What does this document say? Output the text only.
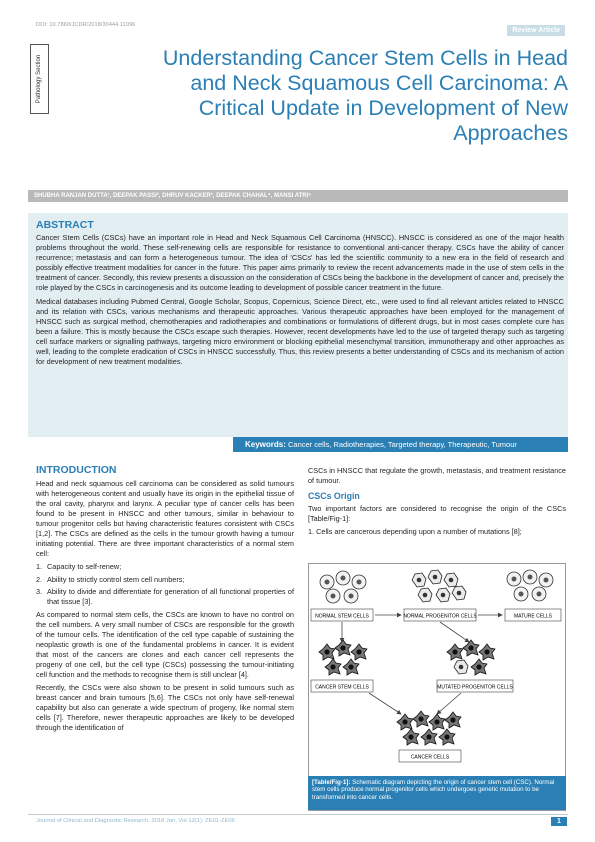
DOI: 10.7860/JCDR/2018/30444.11096
Review Article
Pathology Section	Understanding Cancer Stem Cells in Head
and Neck Squamous Cell Carcinoma: A
Critical Update in Development of New
Approaches
SHUBHA RANJAN DUTTA¹, DEEPAK PASSI², DHRUV KACKER³, DEEPAK CHAHAL⁴, MANSI ATRI⁵
ABSTRACT

Cancer Stem Cells (CSCs) have an important role in Head and Neck Squamous Cell Carcinoma (HNSCC). HNSCC is considered as one of the major health problems throughout the world. These self-renewing cells are responsible for resistance to conventional anti-cancer therapy. CSCs have the ability of cancer recurrence; metastasis and can form a heterogeneous tumour. The idea of 'CSCs' has led the scientific community to a new era in the field of research and possibly effective treatment modalities for cancer in the future. This paper aims primarily to review the recent advancements made in the use of stem cells in the treatment of cancer. Secondly, this review presents a discussion on the consideration of CSCs being the backbone in the development of cancer and, precisely the role played by the CSCs in carcinogenesis and its outcome leading to development of possible cancer treatment in the future.

Medical databases including Pubmed Central, Google Scholar, Scopus, Copernicus, Science Direct, etc., were used to find all relevant articles related to HNSCC and its relation with CSCs, various mechanisms and therapeutic approaches. Various therapeutic approaches have been employed for the management of HNSCC such as surgical method, chemotherapies and radiotherapies and combinations or formulations of different drugs, but in most cases complete cure has been a failure. This is mostly because the CSCs escape such therapies. However, recent developments have led to the use of targeted therapy such as targeting cell surface markers or signalling pathways, targeting micro environment or blocking epithelial mesenchymal transition, immunotherapy and other approaches as well, leading to the complete eradication of CSCs in HNSCC successfully. Thus, this review presents a better understanding of CSCs and its mechanism of action for development of new treatment modalities.

Keywords: Cancer cells, Radiotherapies, Targeted therapy, Therapeutic, Tumour
INTRODUCTION

Head and neck squamous cell carcinoma can be considered as solid tumours with heterogeneous content and usually have its origin in the epithelial tissue of the oral cavity, pharynx and larynx. A peculiar type of cancer cells has been found to be present in HNSCC and other tumours, similar in behaviour to tumour progenitor cells but having characteristic features consistent with CSCs [1,2]. The CSCs are defined as the cells in the tumour growth having a tumour initiating potential. There are three important characteristics of a normal stem cell:

1. Capacity to self-renew;
2. Ability to strictly control stem cell numbers;
3. Ability to divide and differentiate for generation of all functional properties of that tissue [3].

As compared to normal stem cells, the CSCs are known to have no control on the cell numbers. A very small number of CSCs are responsible for the growth of the tumour cells. The identification of the cell type capable of sustaining the neoplastic growth is one of the fundamental problems in cancer. It is evident that most of the cancers are clones and each cancer cell represents the progeny of one cell, but the cell type (CSCs) possessing the tumour-initiating cell function and the methods to recognise them is still unclear [4].

Recently, the CSCs were also shown to be present in solid tumours such as breast cancer and brain tumours [5,6]. The CSCs not only have self-renewal capability but also can generate a wide spectrum of progeny, like normal stem cells [7]. Therefore, newer therapeutic approaches are likely to be developed through the identification of

CSCs in HNSCC that regulate the growth, metastasis, and treatment resistance of tumour.

CSCs Origin

Two important factors are considered to recognise the origin of the CSCs [Table/Fig-1]:

1. Cells are cancerous depending upon a number of mutations [8];

NORMAL STEM CELLS	NORMAL PROGENITOR CELLS	MATURE CELLS
CANCER STEM CELLS	MUTATED PROGENITOR CELLS
CANCER CELLS
[Table/Fig-1]: Schematic diagram depicting the origin of cancer stem cell (CSC). Normal stem cells produce normal progenitor cells which undergoes genetic mutation to be transformed into cancer cells.
Journal of Clinical and Diagnostic Research. 2018 Jan, Vol-12(1): ZE01-ZE06	1
